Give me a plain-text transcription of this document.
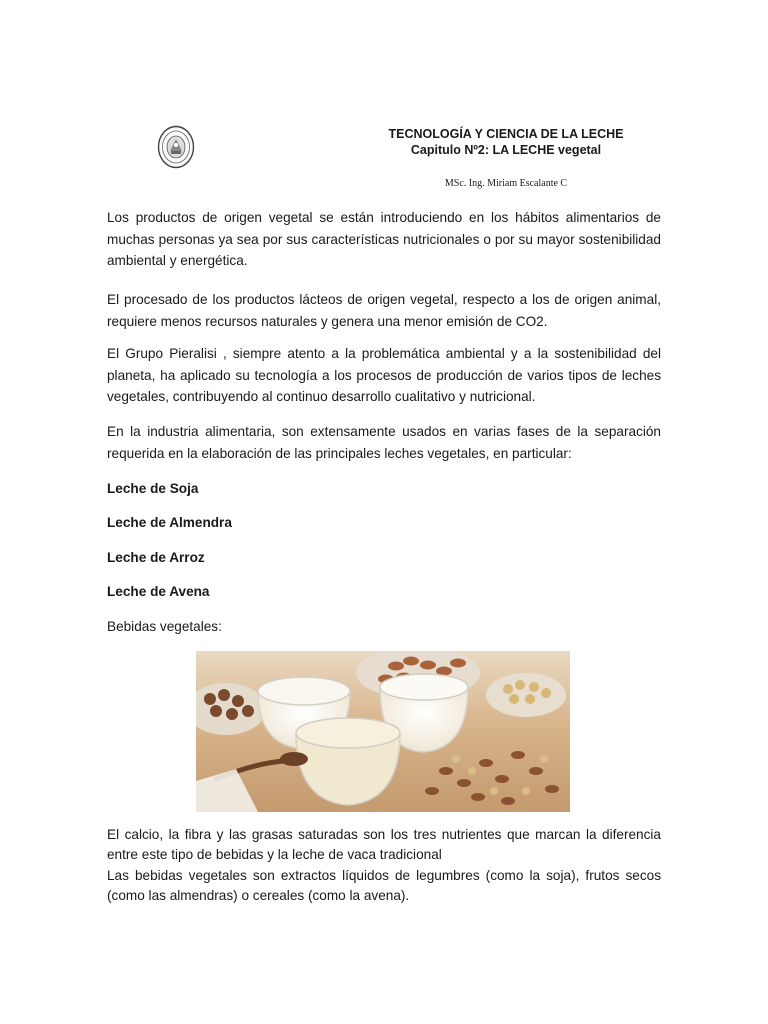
TECNOLOGÍA Y CIENCIA DE LA LECHE
Capitulo Nº2: LA LECHE vegetal
MSc. Ing. Miriam Escalante C

Los productos de origen vegetal se están introduciendo en los hábitos alimentarios de muchas personas ya sea por sus características nutricionales o por su mayor sostenibilidad ambiental y energética.

El procesado de los productos lácteos de origen vegetal, respecto a los de origen animal, requiere menos recursos naturales y genera una menor emisión de CO2.

El Grupo Pieralisi , siempre atento a la problemática ambiental y a la sostenibilidad del planeta, ha aplicado su tecnología a los procesos de producción de varios tipos de leches vegetales, contribuyendo al continuo desarrollo cualitativo y nutricional.

En la industria alimentaria, son extensamente usados en varias fases de la separación requerida en la elaboración de las principales leches vegetales, en particular:

Leche de Soja
Leche de Almendra
Leche de Arroz
Leche de Avena
Bebidas vegetales:

El calcio, la fibra y las grasas saturadas son los tres nutrientes que marcan la diferencia entre este tipo de bebidas y la leche de vaca tradicional

Las bebidas vegetales son extractos líquidos de legumbres (como la soja), frutos secos (como las almendras) o cereales (como la avena).
